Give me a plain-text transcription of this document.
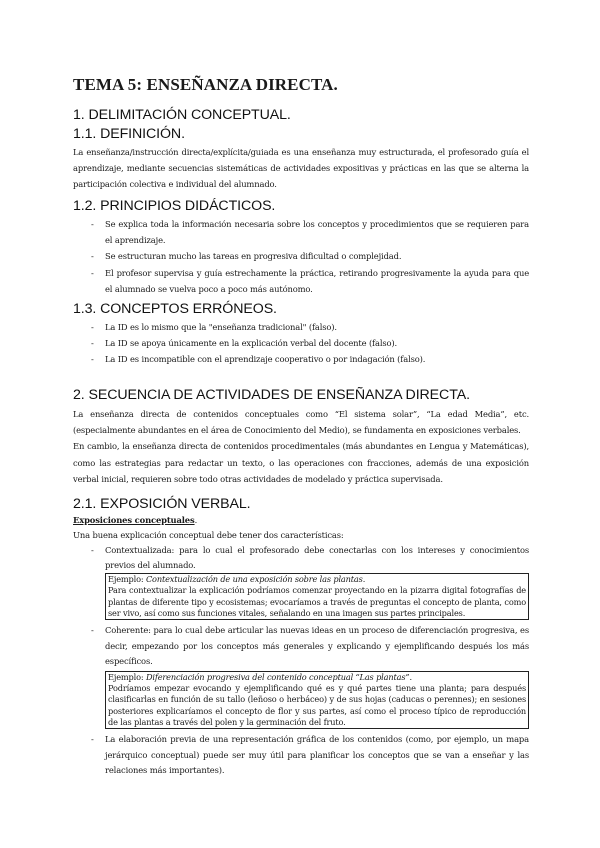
TEMA 5: ENSEÑANZA DIRECTA.
1. DELIMITACIÓN CONCEPTUAL.
1.1. DEFINICIÓN.

La enseñanza/instrucción directa/explícita/guiada es una enseñanza muy estructurada, el profesorado guía el aprendizaje, mediante secuencias sistemáticas de actividades expositivas y prácticas en las que se alterna la participación colectiva e individual del alumnado.

1.2. PRINCIPIOS DIDÁCTICOS.
- Se explica toda la información necesaria sobre los conceptos y procedimientos que se requieren para el aprendizaje.
- Se estructuran mucho las tareas en progresiva dificultad o complejidad.
- El profesor supervisa y guía estrechamente la práctica, retirando progresivamente la ayuda para que el alumnado se vuelva poco a poco más autónomo.
1.3. CONCEPTOS ERRÓNEOS.
- La ID es lo mismo que la "enseñanza tradicional" (falso).
- La ID se apoya únicamente en la explicación verbal del docente (falso).
- La ID es incompatible con el aprendizaje cooperativo o por indagación (falso).
2. SECUENCIA DE ACTIVIDADES DE ENSEÑANZA DIRECTA.

La enseñanza directa de contenidos conceptuales como “El sistema solar”, “La edad Media”, etc. (especialmente abundantes en el área de Conocimiento del Medio), se fundamenta en exposiciones verbales.

En cambio, la enseñanza directa de contenidos procedimentales (más abundantes en Lengua y Matemáticas), como las estrategias para redactar un texto, o las operaciones con fracciones, además de una exposición verbal inicial, requieren sobre todo otras actividades de modelado y práctica supervisada.

2.1. EXPOSICIÓN VERBAL.

Exposiciones conceptuales.

Una buena explicación conceptual debe tener dos características:

- Contextualizada: para lo cual el profesorado debe conectarlas con los intereses y conocimientos previos del alumnado.
Ejemplo: Contextualización de una exposición sobre las plantas.
Para contextualizar la explicación podríamos comenzar proyectando en la pizarra digital fotografías de plantas de diferente tipo y ecosistemas; evocaríamos a través de preguntas el concepto de planta, como ser vivo, así como sus funciones vitales, señalando en una imagen sus partes principales.
- Coherente: para lo cual debe articular las nuevas ideas en un proceso de diferenciación progresiva, es decir, empezando por los conceptos más generales y explicando y ejemplificando después los más específicos.
Ejemplo: Diferenciación progresiva del contenido conceptual “Las plantas”.
Podríamos empezar evocando y ejemplificando qué es y qué partes tiene una planta; para después clasificarlas en función de su tallo (leñoso o herbáceo) y de sus hojas (caducas o perennes); en sesiones posteriores explicaríamos el concepto de flor y sus partes, así como el proceso típico de reproducción de las plantas a través del polen y la germinación del fruto.
- La elaboración previa de una representación gráfica de los contenidos (como, por ejemplo, un mapa jerárquico conceptual) puede ser muy útil para planificar los conceptos que se van a enseñar y las relaciones más importantes).
